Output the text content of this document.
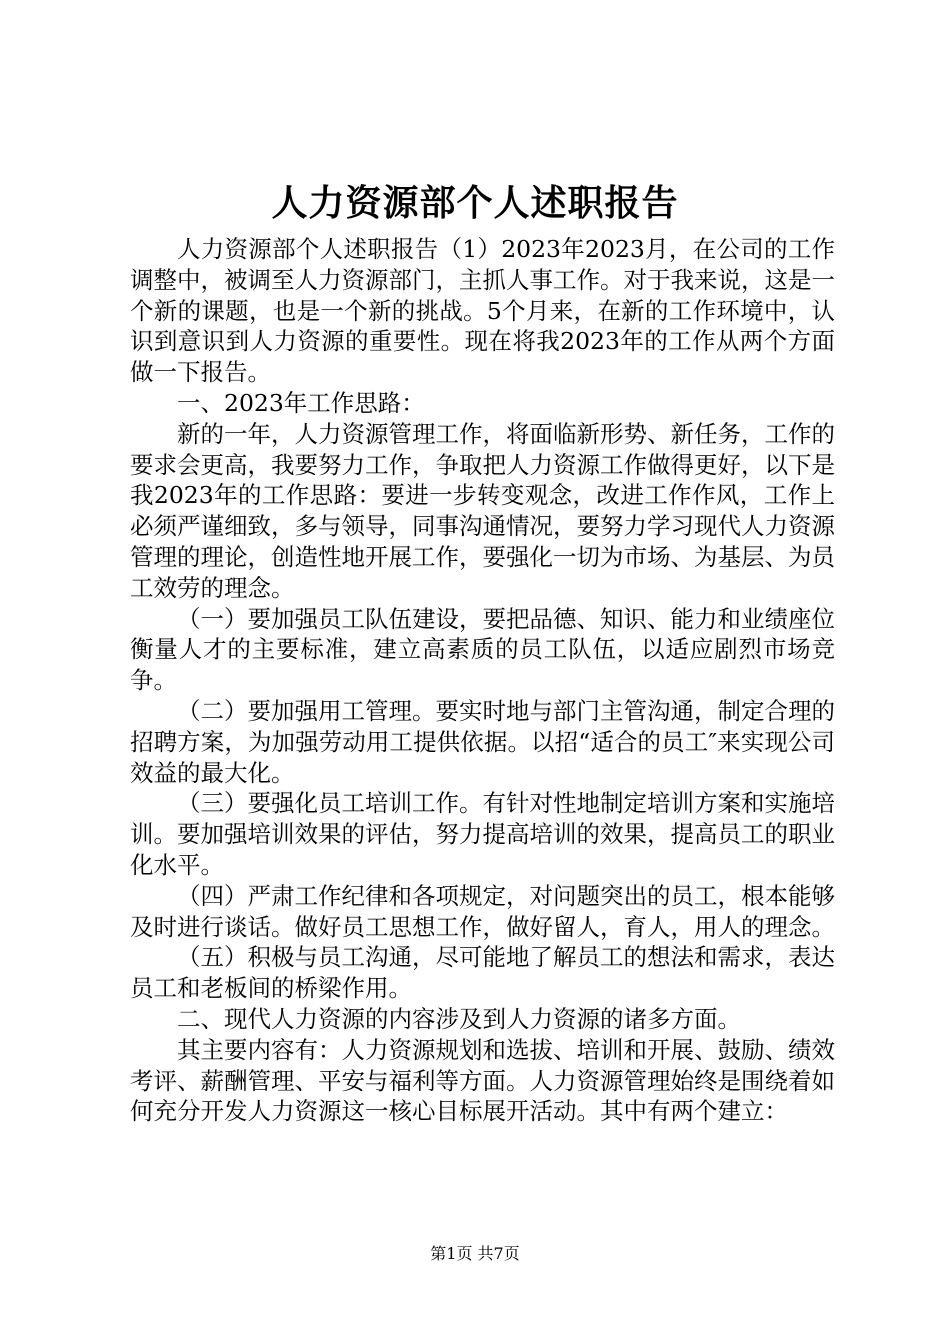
人力资源部个人述职报告

人力资源部个人述职报告（1）2023年2023月，在公司的工作调整中，被调至人力资源部门，主抓人事工作。对于我来说，这是一个新的课题，也是一个新的挑战。5个月来，在新的工作环境中，认识到意识到人力资源的重要性。现在将我2023年的工作从两个方面做一下报告。

一、2023年工作思路：

新的一年，人力资源管理工作，将面临新形势、新任务，工作的要求会更高，我要努力工作，争取把人力资源工作做得更好，以下是我2023年的工作思路：要进一步转变观念，改进工作作风，工作上必须严谨细致，多与领导，同事沟通情况，要努力学习现代人力资源管理的理论，创造性地开展工作，要强化一切为市场、为基层、为员工效劳的理念。

（一）要加强员工队伍建设，要把品德、知识、能力和业绩座位衡量人才的主要标准，建立高素质的员工队伍，以适应剧烈市场竞争。

（二）要加强用工管理。要实时地与部门主管沟通，制定合理的招聘方案，为加强劳动用工提供依据。以招“适合的员工″来实现公司效益的最大化。

（三）要强化员工培训工作。有针对性地制定培训方案和实施培训。要加强培训效果的评估，努力提高培训的效果，提高员工的职业化水平。

（四）严肃工作纪律和各项规定，对问题突出的员工，根本能够及时进行谈话。做好员工思想工作，做好留人，育人，用人的理念。

（五）积极与员工沟通，尽可能地了解员工的想法和需求，表达员工和老板间的桥梁作用。

二、现代人力资源的内容涉及到人力资源的诸多方面。

其主要内容有：人力资源规划和选拔、培训和开展、鼓励、绩效考评、薪酬管理、平安与福利等方面。人力资源管理始终是围绕着如何充分开发人力资源这一核心目标展开活动。其中有两个建立：

第1页 共7页
